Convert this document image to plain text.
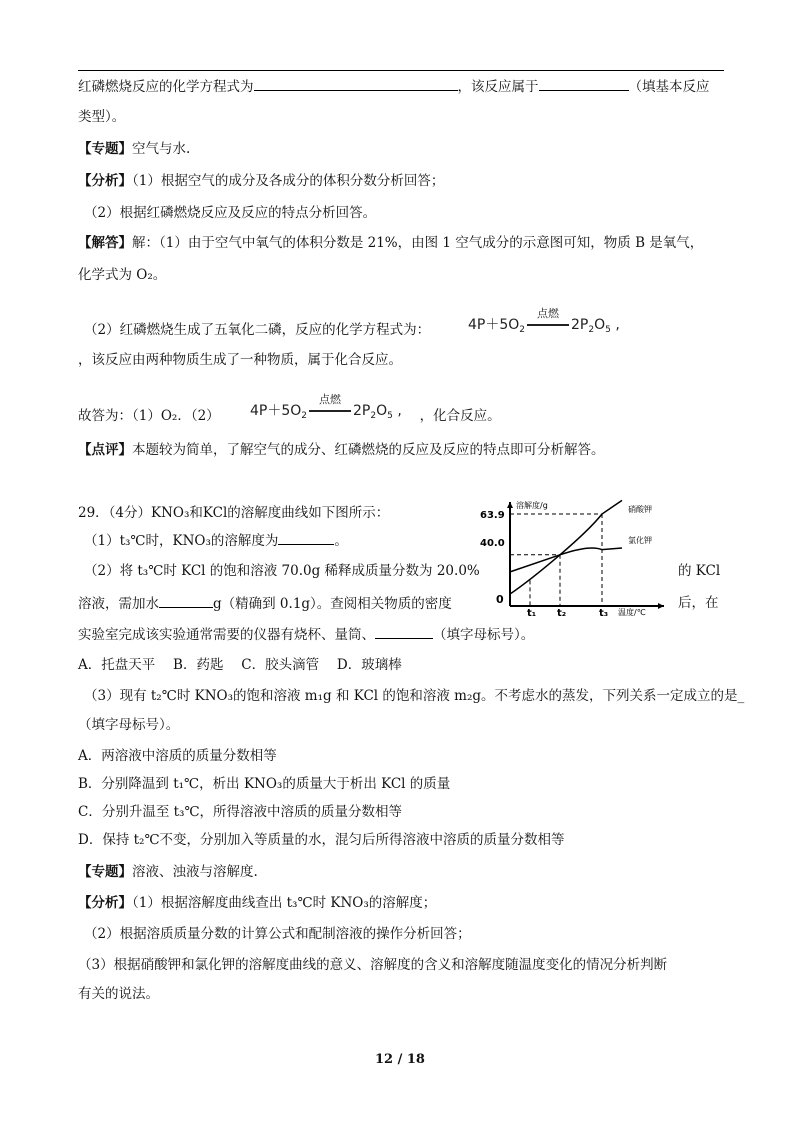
红磷燃烧反应的化学方程式为	，该反应属于	（填基本反应
类型）。
【专题】空气与水.
【分析】（1）根据空气的成分及各成分的体积分数分析回答；
（2）根据红磷燃烧反应及反应的特点分析回答。
【解答】解：（1）由于空气中氧气的体积分数是 21%，由图 1 空气成分的示意图可知，物质 B 是氧气，
化学式为 O₂。
（2）红磷燃烧生成了五氧化二磷，反应的化学方程式为：	$4P+5O_2$
点燃
$2P_2O_5$ ,
，该反应由两种物质生成了一种物质，属于化合反应。
故答为：（1）O₂．（2）	，化合反应。
$4P+5O_2$
点燃
$2P_2O_5$ ,
【点评】本题较为简单，了解空气的成分、红磷燃烧的反应及反应的特点即可分析解答。
29．（4分）KNO₃和KCl的溶解度曲线如下图所示：
（1）t₃℃时，KNO₃的溶解度为	。
（2）将 t₃℃时 KCl 的饱和溶液 70.0g 稀释成质量分数为 20.0%	的 KCl
溶液，需加水	g（精确到 0.1g）。查阅相关物质的密度	后，在
实验室完成该实验通常需要的仪器有烧杯、量筒、	（填字母标号）。
A．托盘天平　 B．药匙　 C．胶头滴管　 D．玻璃棒
（3）现有 t₂℃时 KNO₃的饱和溶液 m₁g 和 KCl 的饱和溶液 m₂g。不考虑水的蒸发，下列关系一定成立的是_
（填字母标号）。
A．两溶液中溶质的质量分数相等
B．分别降温到 t₁℃，析出 KNO₃的质量大于析出 KCl 的质量
C．分别升温至 t₃℃，所得溶液中溶质的质量分数相等
D．保持 t₂℃不变，分别加入等质量的水，混匀后所得溶液中溶质的质量分数相等
【专题】溶液、浊液与溶解度.
【分析】（1）根据溶解度曲线查出 t₃℃时 KNO₃的溶解度；
（2）根据溶质质量分数的计算公式和配制溶液的操作分析回答；
（3）根据硝酸钾和氯化钾的溶解度曲线的意义、溶解度的含义和溶解度随温度变化的情况分析判断
有关的说法。
溶解度/g
温度/℃
63.9
40.0
0
t₁ t₂	t₃
硝酸钾
氯化钾
12 / 18
